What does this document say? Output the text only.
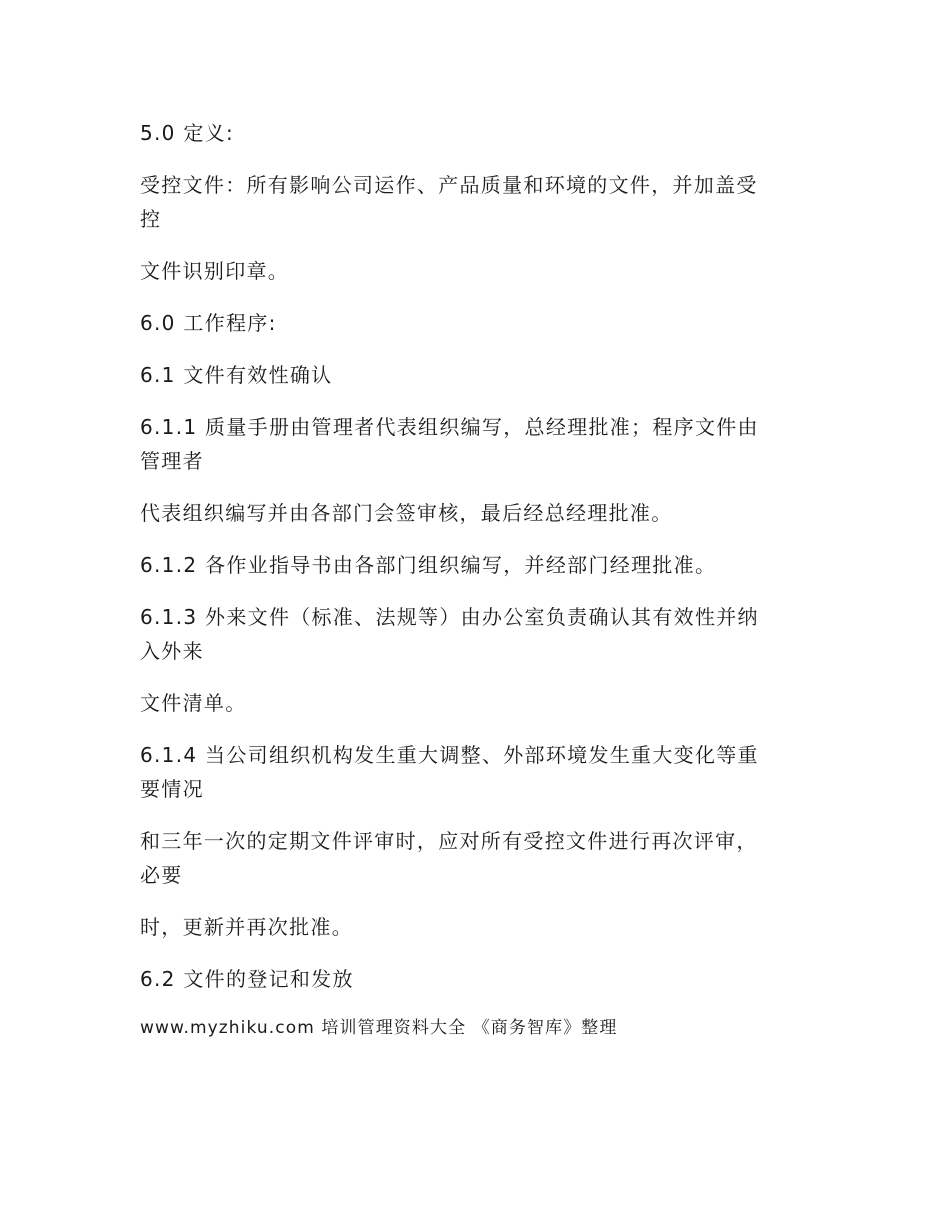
5.0 定义:
受控文件：所有影响公司运作、产品质量和环境的文件，并加盖受
控
文件识别印章。
6.0 工作程序:
6.1 文件有效性确认
6.1.1 质量手册由管理者代表组织编写，总经理批准；程序文件由
管理者
代表组织编写并由各部门会签审核，最后经总经理批准。
6.1.2 各作业指导书由各部门组织编写，并经部门经理批准。
6.1.3 外来文件（标准、法规等）由办公室负责确认其有效性并纳
入外来
文件清单。
6.1.4 当公司组织机构发生重大调整、外部环境发生重大变化等重
要情况
和三年一次的定期文件评审时，应对所有受控文件进行再次评审，
必要
时，更新并再次批准。
6.2 文件的登记和发放
www.myzhiku.com 培训管理资料大全 《商务智库》整理
